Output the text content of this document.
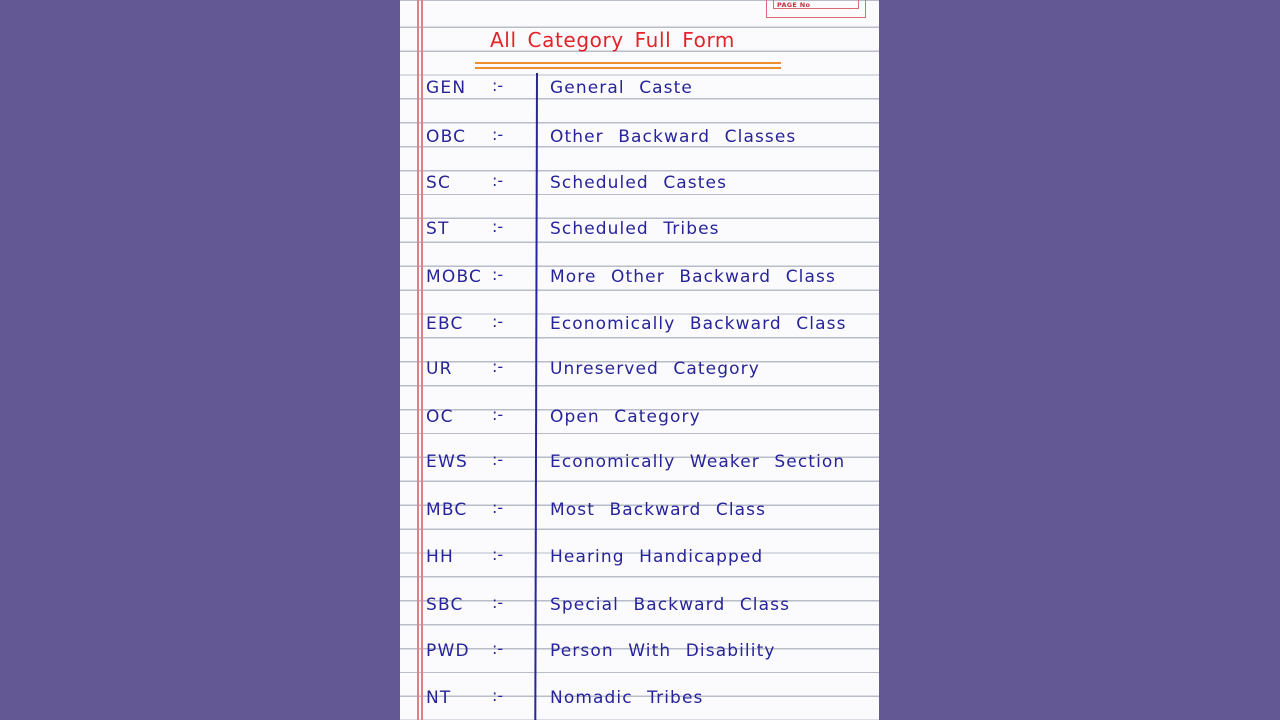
PAGE No
All Category Full Form
GEN :-	General Caste
OBC :-	Other Backward Classes
SC	:-	Scheduled Castes
ST	:-	Scheduled Tribes
MOBC :-	More Other Backward Class
EBC :-	Economically Backward Class
UR :-	Unreserved Category
OC :-	Open Category
EWS :-	Economically Weaker Section
MBC :-	Most Backward Class
HH :-	Hearing Handicapped
SBC :-	Special Backward Class
PWD :-	Person With Disability
NT	:-	Nomadic Tribes
